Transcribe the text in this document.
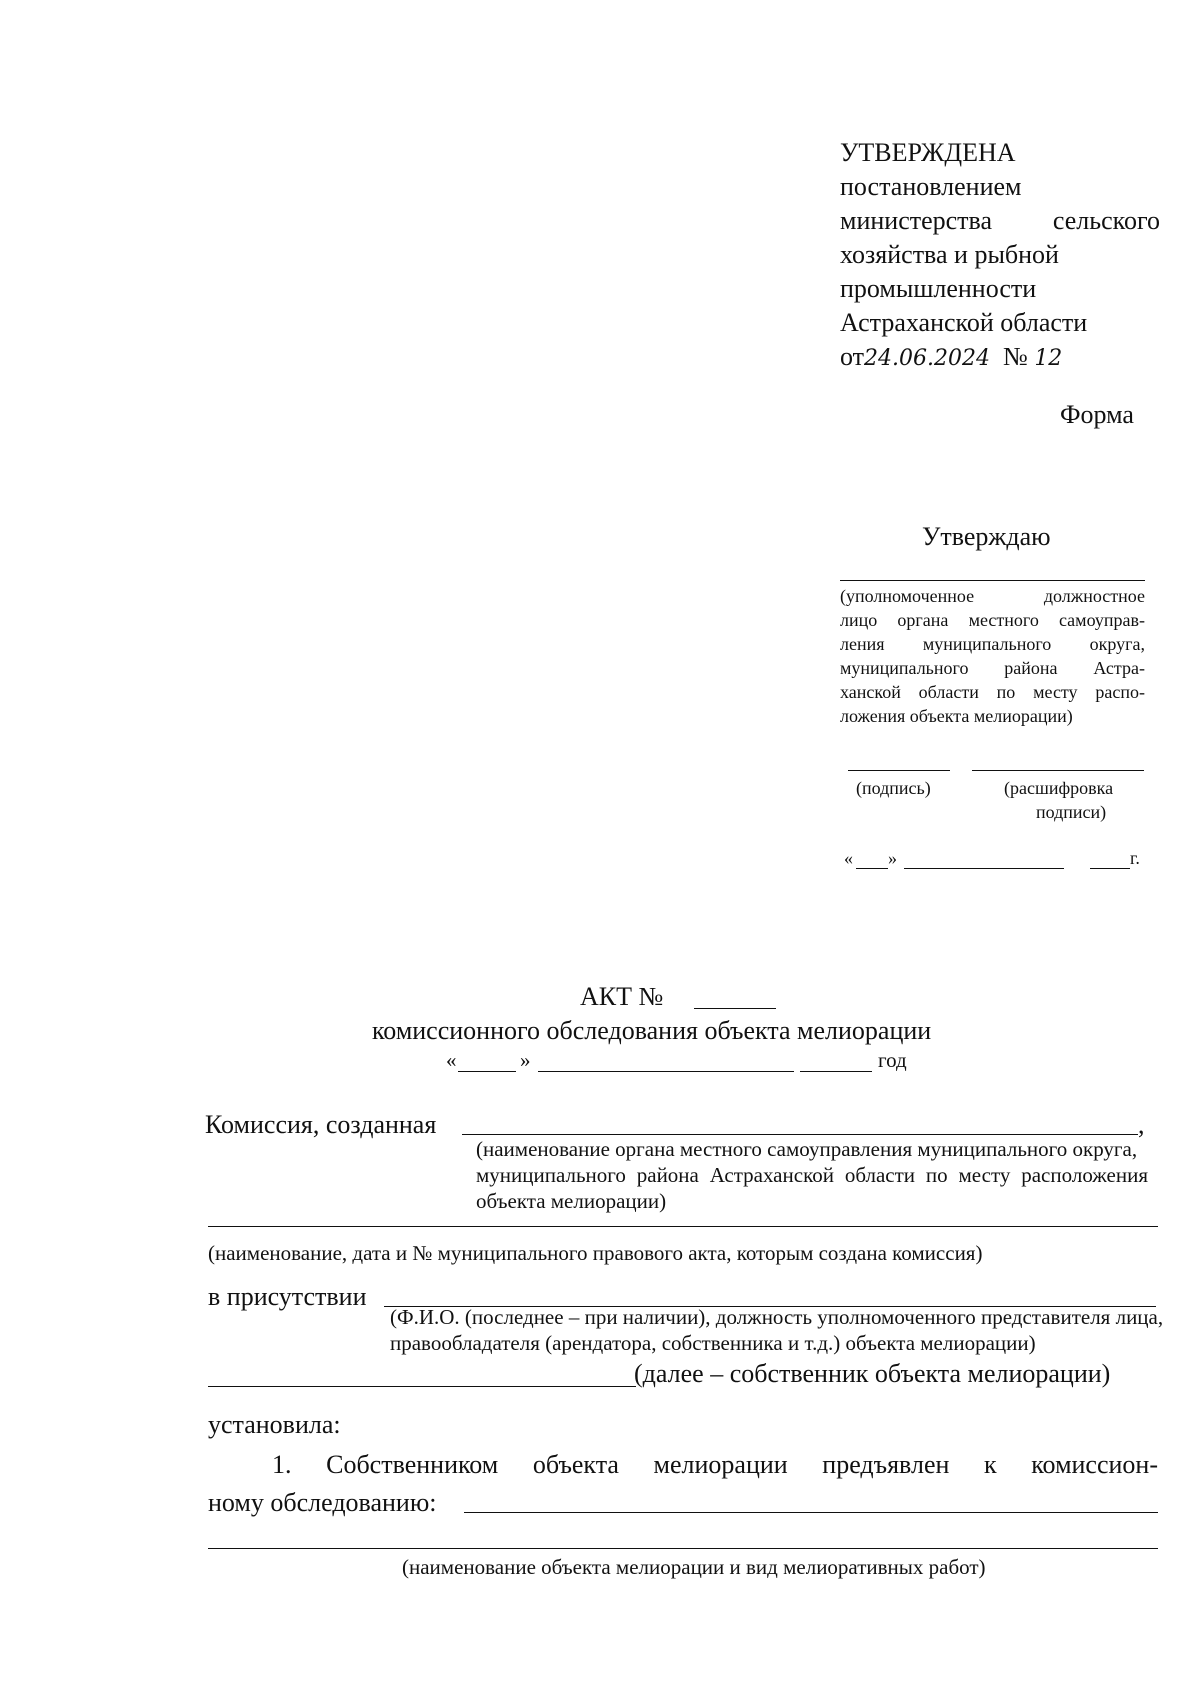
УТВЕРЖДЕНА
постановлением
министерства сельского
хозяйства и рыбной
промышленности
Астраханской области
от24.06.2024 № 12
Форма
Утверждаю
(уполномоченное должностное
лицо органа местного самоуправ-
ления муниципального округа,
муниципального района Астра-
ханской области по месту распо-
ложения объекта мелиорации)
(подпись)	(расшифровка
подписи)
« »	г.
АКТ №
комиссионного обследования объекта мелиорации
«	»	год
Комиссия, созданная	,
(наименование органа местного самоуправления муниципального округа,
муниципального района Астраханской области по месту расположения
объекта мелиорации)
(наименование, дата и № муниципального правового акта, которым создана комиссия)
в присутствии
(Ф.И.О. (последнее – при наличии), должность уполномоченного представителя лица,
правообладателя (арендатора, собственника и т.д.) объекта мелиорации)
(далее – собственник объекта мелиорации)
установила:
1. Собственником объекта мелиорации предъявлен к комиссион-
ному обследованию:
(наименование объекта мелиорации и вид мелиоративных работ)
